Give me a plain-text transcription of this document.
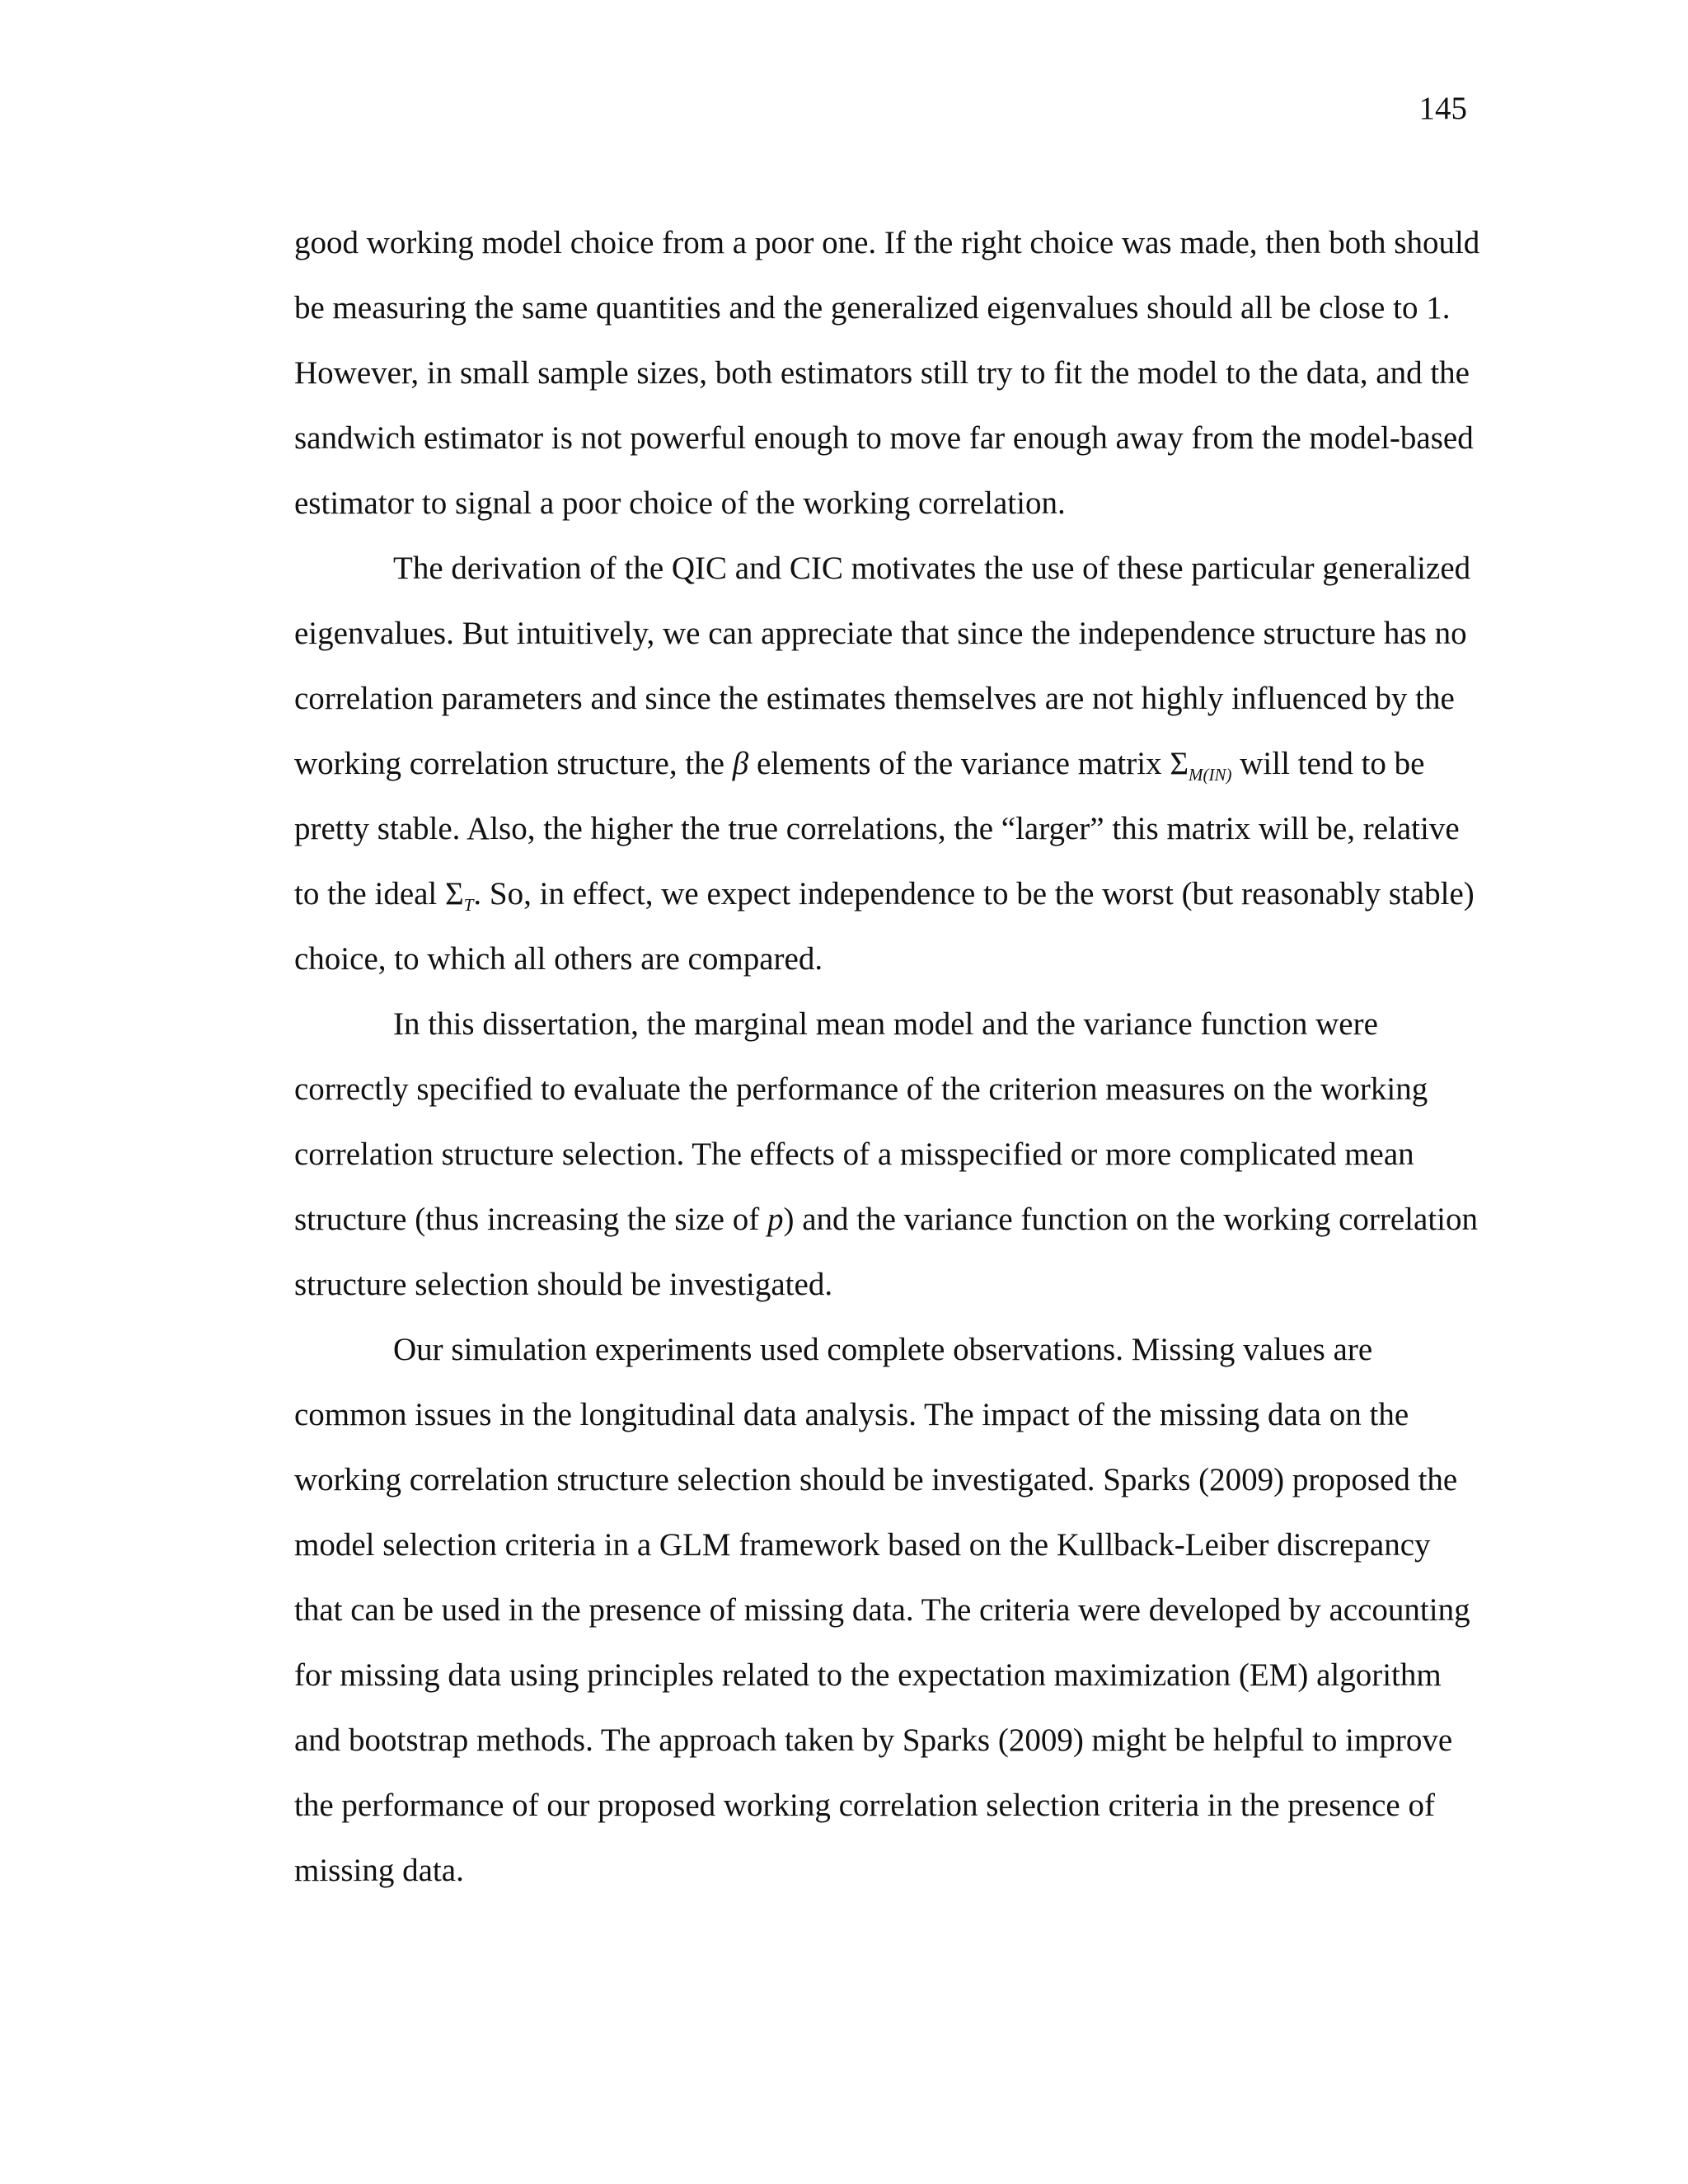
145

good working model choice from a poor one. If the right choice was made, then both should be measuring the same quantities and the generalized eigenvalues should all be close to 1. However, in small sample sizes, both estimators still try to fit the model to the data, and the sandwich estimator is not powerful enough to move far enough away from the model-based estimator to signal a poor choice of the working correlation.

The derivation of the QIC and CIC motivates the use of these particular generalized eigenvalues. But intuitively, we can appreciate that since the independence structure has no correlation parameters and since the estimates themselves are not highly influenced by the working correlation structure, the β elements of the variance matrix $\Sigma_{M(IN)}$ will tend to be pretty stable. Also, the higher the true correlations, the “larger” this matrix will be, relative to the ideal $\Sigma_T$. So, in effect, we expect independence to be the worst (but reasonably stable) choice, to which all others are compared.

In this dissertation, the marginal mean model and the variance function were correctly specified to evaluate the performance of the criterion measures on the working correlation structure selection. The effects of a misspecified or more complicated mean structure (thus increasing the size of p) and the variance function on the working correlation structure selection should be investigated.

Our simulation experiments used complete observations. Missing values are common issues in the longitudinal data analysis. The impact of the missing data on the working correlation structure selection should be investigated. Sparks (2009) proposed the model selection criteria in a GLM framework based on the Kullback-Leiber discrepancy that can be used in the presence of missing data. The criteria were developed by accounting for missing data using principles related to the expectation maximization (EM) algorithm and bootstrap methods. The approach taken by Sparks (2009) might be helpful to improve the performance of our proposed working correlation selection criteria in the presence of missing data.
